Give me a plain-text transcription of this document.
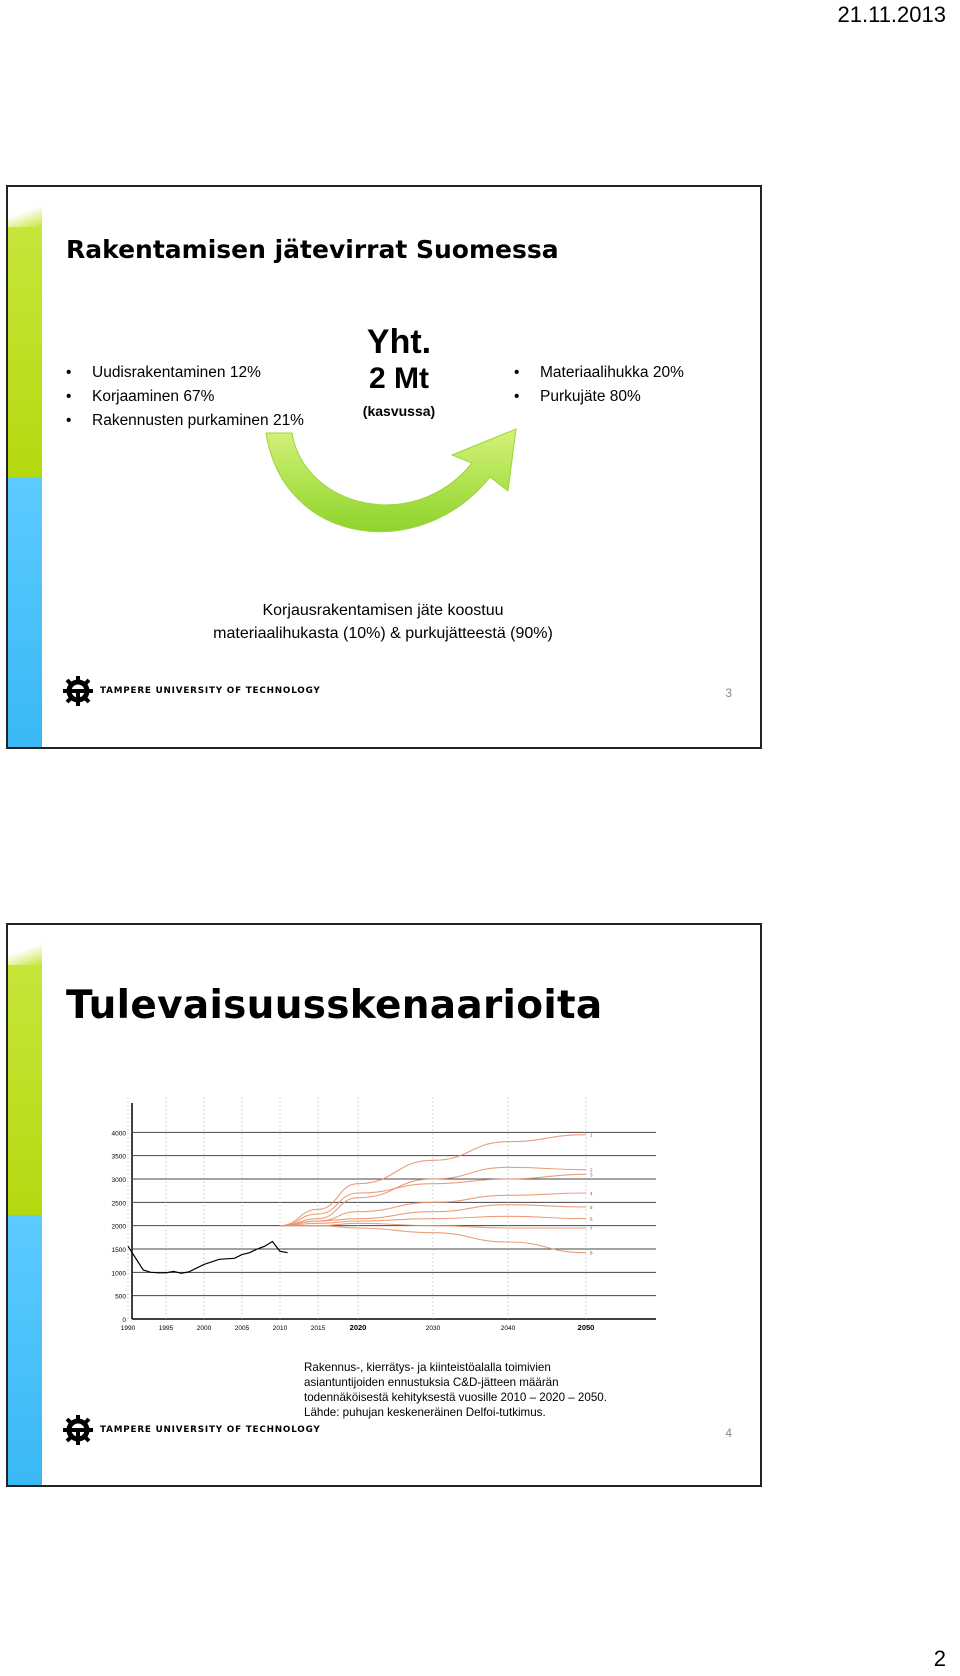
21.11.2013
Rakentamisen jätevirrat Suomessa
• Uudisrakentaminen 12%
• Korjaaminen 67%
• Rakennusten purkaminen 21%
Yht.
2 Mt
(kasvussa)
• Materiaalihukka 20%
• Purkujäte 80%
Korjausrakentamisen jäte koostuu
materiaalihukasta (10%) & purkujätteestä (90%)
TAMPERE UNIVERSITY OF TECHNOLOGY	3
Tulevaisuusskenaarioita
4000
3500
3000
2500
2000
1500
1000
500
0
1990	1995	2000	2005	2010	2015	2020	2030	2040	2050
1
2
3
4
5
6
7
8
Rakennus-, kierrätys- ja kiinteistöalalla toimivien
asiantuntijoiden ennustuksia C&D-jätteen määrän
todennäköisestä kehityksestä vuosille 2010 – 2020 – 2050.
Lähde: puhujan keskeneräinen Delfoi-tutkimus.
TAMPERE UNIVERSITY OF TECHNOLOGY	4
2
